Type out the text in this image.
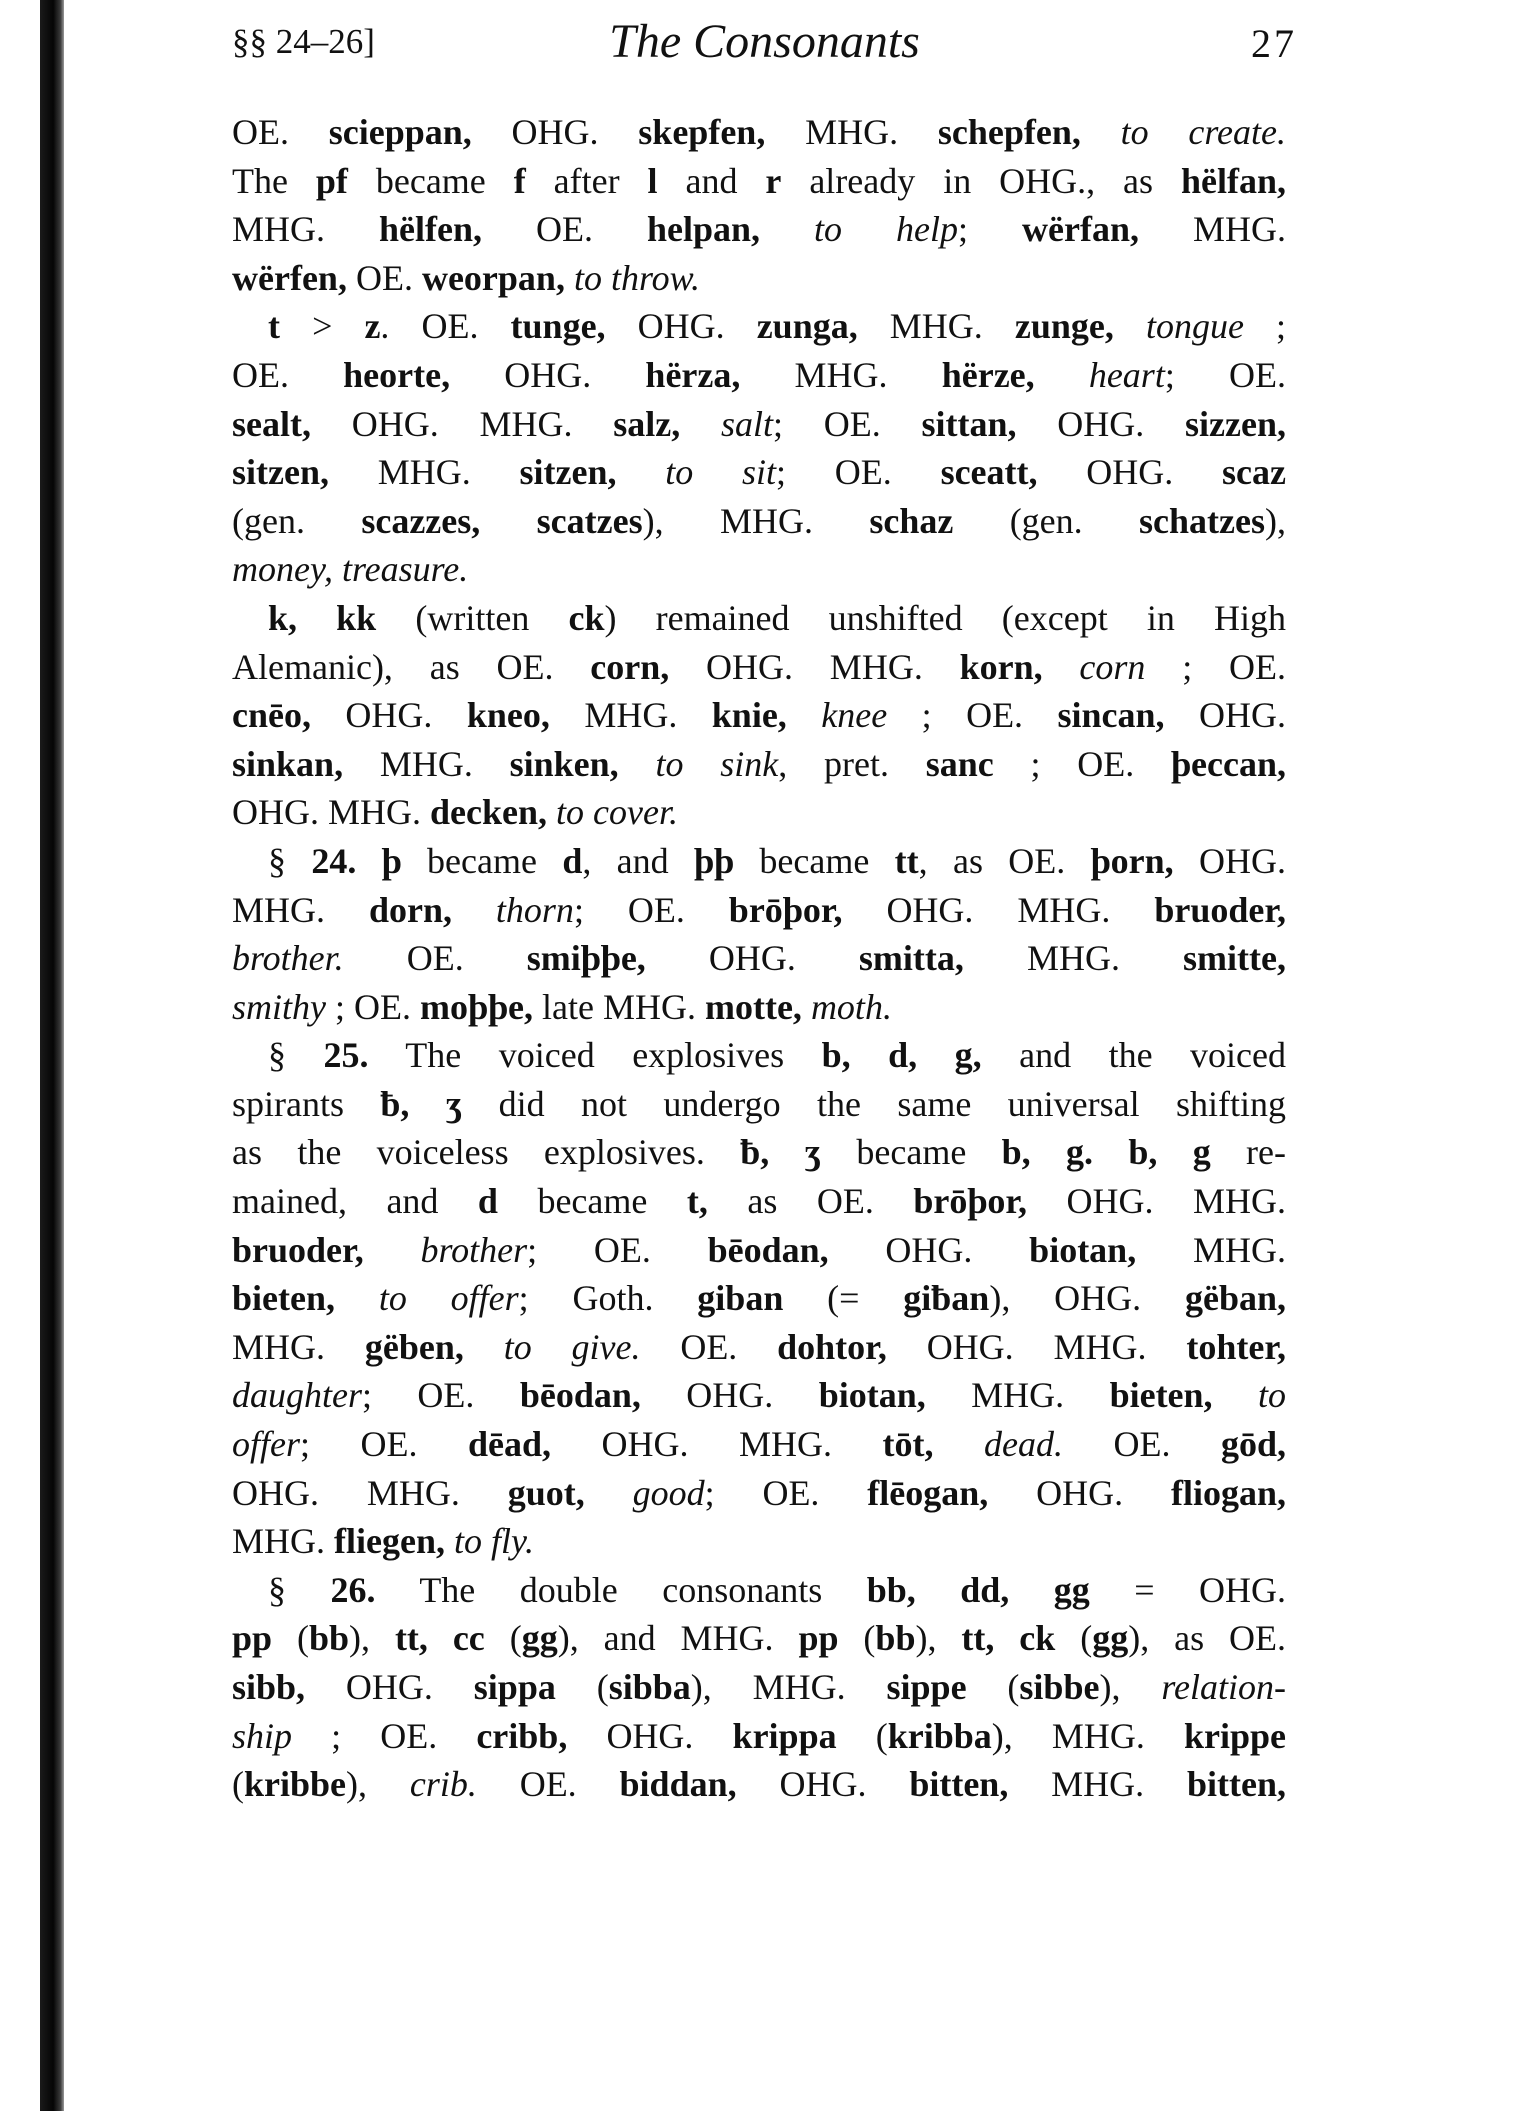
§§ 24–26]	The Consonants	27
OE. scieppan, OHG. skepfen, MHG. schepfen, to create.
The pf became f after l and r already in OHG., as hëlfan,
MHG. hëlfen, OE. helpan, to help; wërfan, MHG.
wërfen, OE. weorpan, to throw.
t > z. OE. tunge, OHG. zunga, MHG. zunge, tongue ;
OE. heorte, OHG. hërza, MHG. hërze, heart; OE.
sealt, OHG. MHG. salz, salt; OE. sittan, OHG. sizzen,
sitzen, MHG. sitzen, to sit; OE. sceatt, OHG. scaz
(gen. scazzes, scatzes), MHG. schaz (gen. schatzes),
money, treasure.
k, kk (written ck) remained unshifted (except in High
Alemanic), as OE. corn, OHG. MHG. korn, corn ; OE.
cnēo, OHG. kneo, MHG. knie, knee ; OE. sincan, OHG.
sinkan, MHG. sinken, to sink, pret. sanc ; OE. þeccan,
OHG. MHG. decken, to cover.
§ 24. þ became d, and þþ became tt, as OE. þorn, OHG.
MHG. dorn, thorn; OE. brōþor, OHG. MHG. bruoder,
brother. OE. smiþþe, OHG. smitta, MHG. smitte,
smithy ; OE. moþþe, late MHG. motte, moth.
§ 25. The voiced explosives b, d, g, and the voiced
spirants ƀ, ʒ did not undergo the same universal shifting
as the voiceless explosives. ƀ, ʒ became b, g. b, g re-
mained, and d became t, as OE. brōþor, OHG. MHG.
bruoder, brother; OE. bēodan, OHG. biotan, MHG.
bieten, to offer; Goth. giban (= giƀan), OHG. gëban,
MHG. gëben, to give. OE. dohtor, OHG. MHG. tohter,
daughter; OE. bēodan, OHG. biotan, MHG. bieten, to
offer; OE. dēad, OHG. MHG. tōt, dead. OE. gōd,
OHG. MHG. guot, good; OE. flēogan, OHG. fliogan,
MHG. fliegen, to fly.
§ 26. The double consonants bb, dd, gg = OHG.
pp (bb), tt, cc (gg), and MHG. pp (bb), tt, ck (gg), as OE.
sibb, OHG. sippa (sibba), MHG. sippe (sibbe), relation-
ship ; OE. cribb, OHG. krippa (kribba), MHG. krippe
(kribbe), crib. OE. biddan, OHG. bitten, MHG. bitten,
